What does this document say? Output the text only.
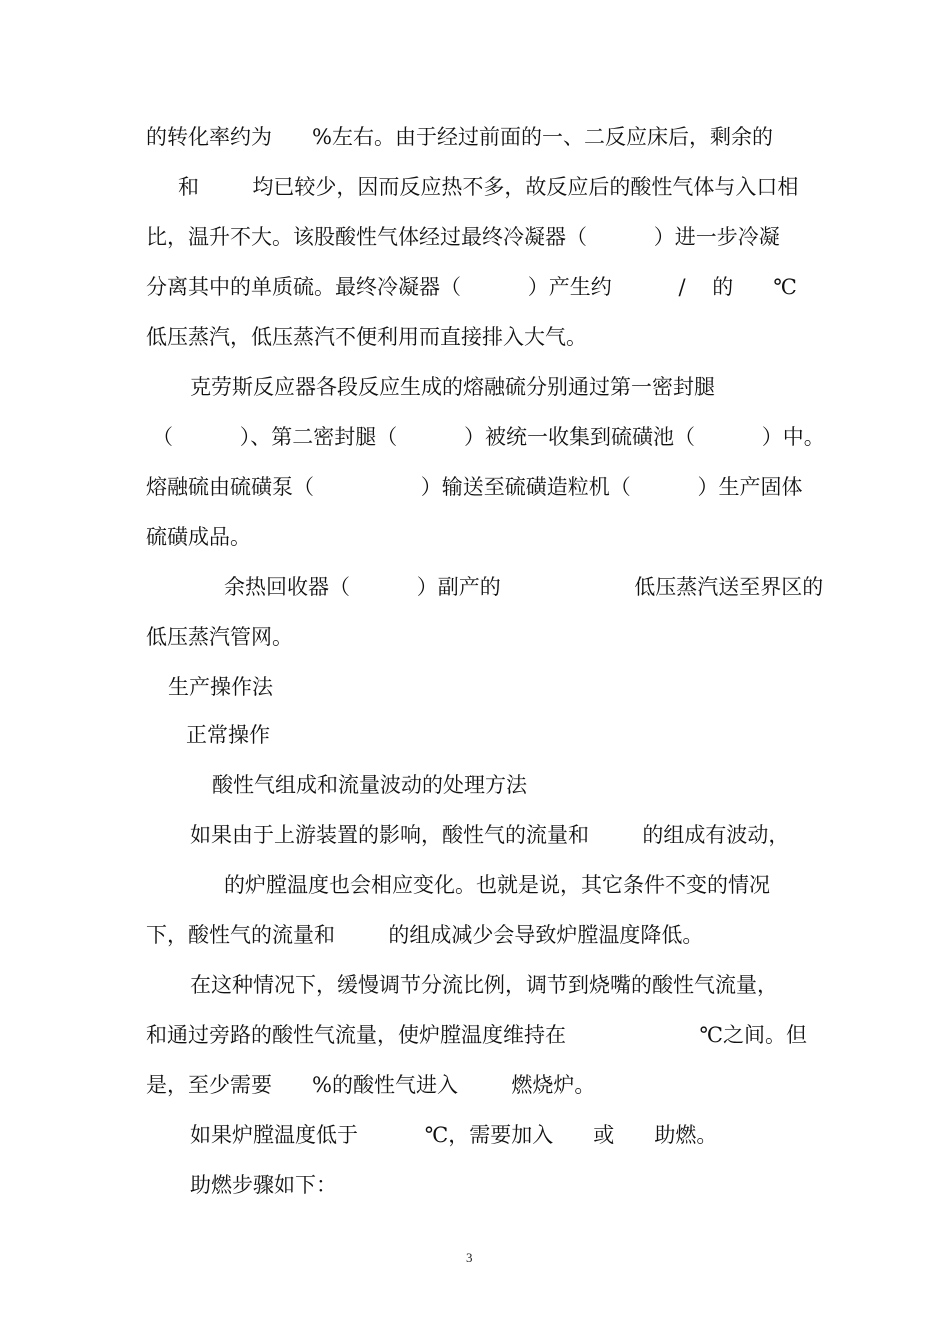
的转化率约为      %左右。由于经过前面的一、二反应床后，剩余的

和        均已较少，因而反应热不多，故反应后的酸性气体与入口相

比，温升不大。该股酸性气体经过最终冷凝器（          ）进一步冷凝

分离其中的单质硫。最终冷凝器（          ）产生约          /    的      ℃

低压蒸汽，低压蒸汽不便利用而直接排入大气。

克劳斯反应器各段反应生成的熔融硫分别通过第一密封腿

（          ）、第二密封腿（          ）被统一收集到硫磺池（          ）中。

熔融硫由硫磺泵（                ）输送至硫磺造粒机（          ）生产固体

硫磺成品。

余热回收器（          ）副产的                    低压蒸汽送至界区的

低压蒸汽管网。

生产操作法

正常操作

酸性气组成和流量波动的处理方法

如果由于上游装置的影响，酸性气的流量和        的组成有波动，

的炉膛温度也会相应变化。也就是说，其它条件不变的情况

下，酸性气的流量和        的组成减少会导致炉膛温度降低。

在这种情况下，缓慢调节分流比例，调节到烧嘴的酸性气流量，

和通过旁路的酸性气流量，使炉膛温度维持在                    ℃之间。但

是，至少需要      %的酸性气进入        燃烧炉。

如果炉膛温度低于          ℃，需要加入      或      助燃。

助燃步骤如下：

3
